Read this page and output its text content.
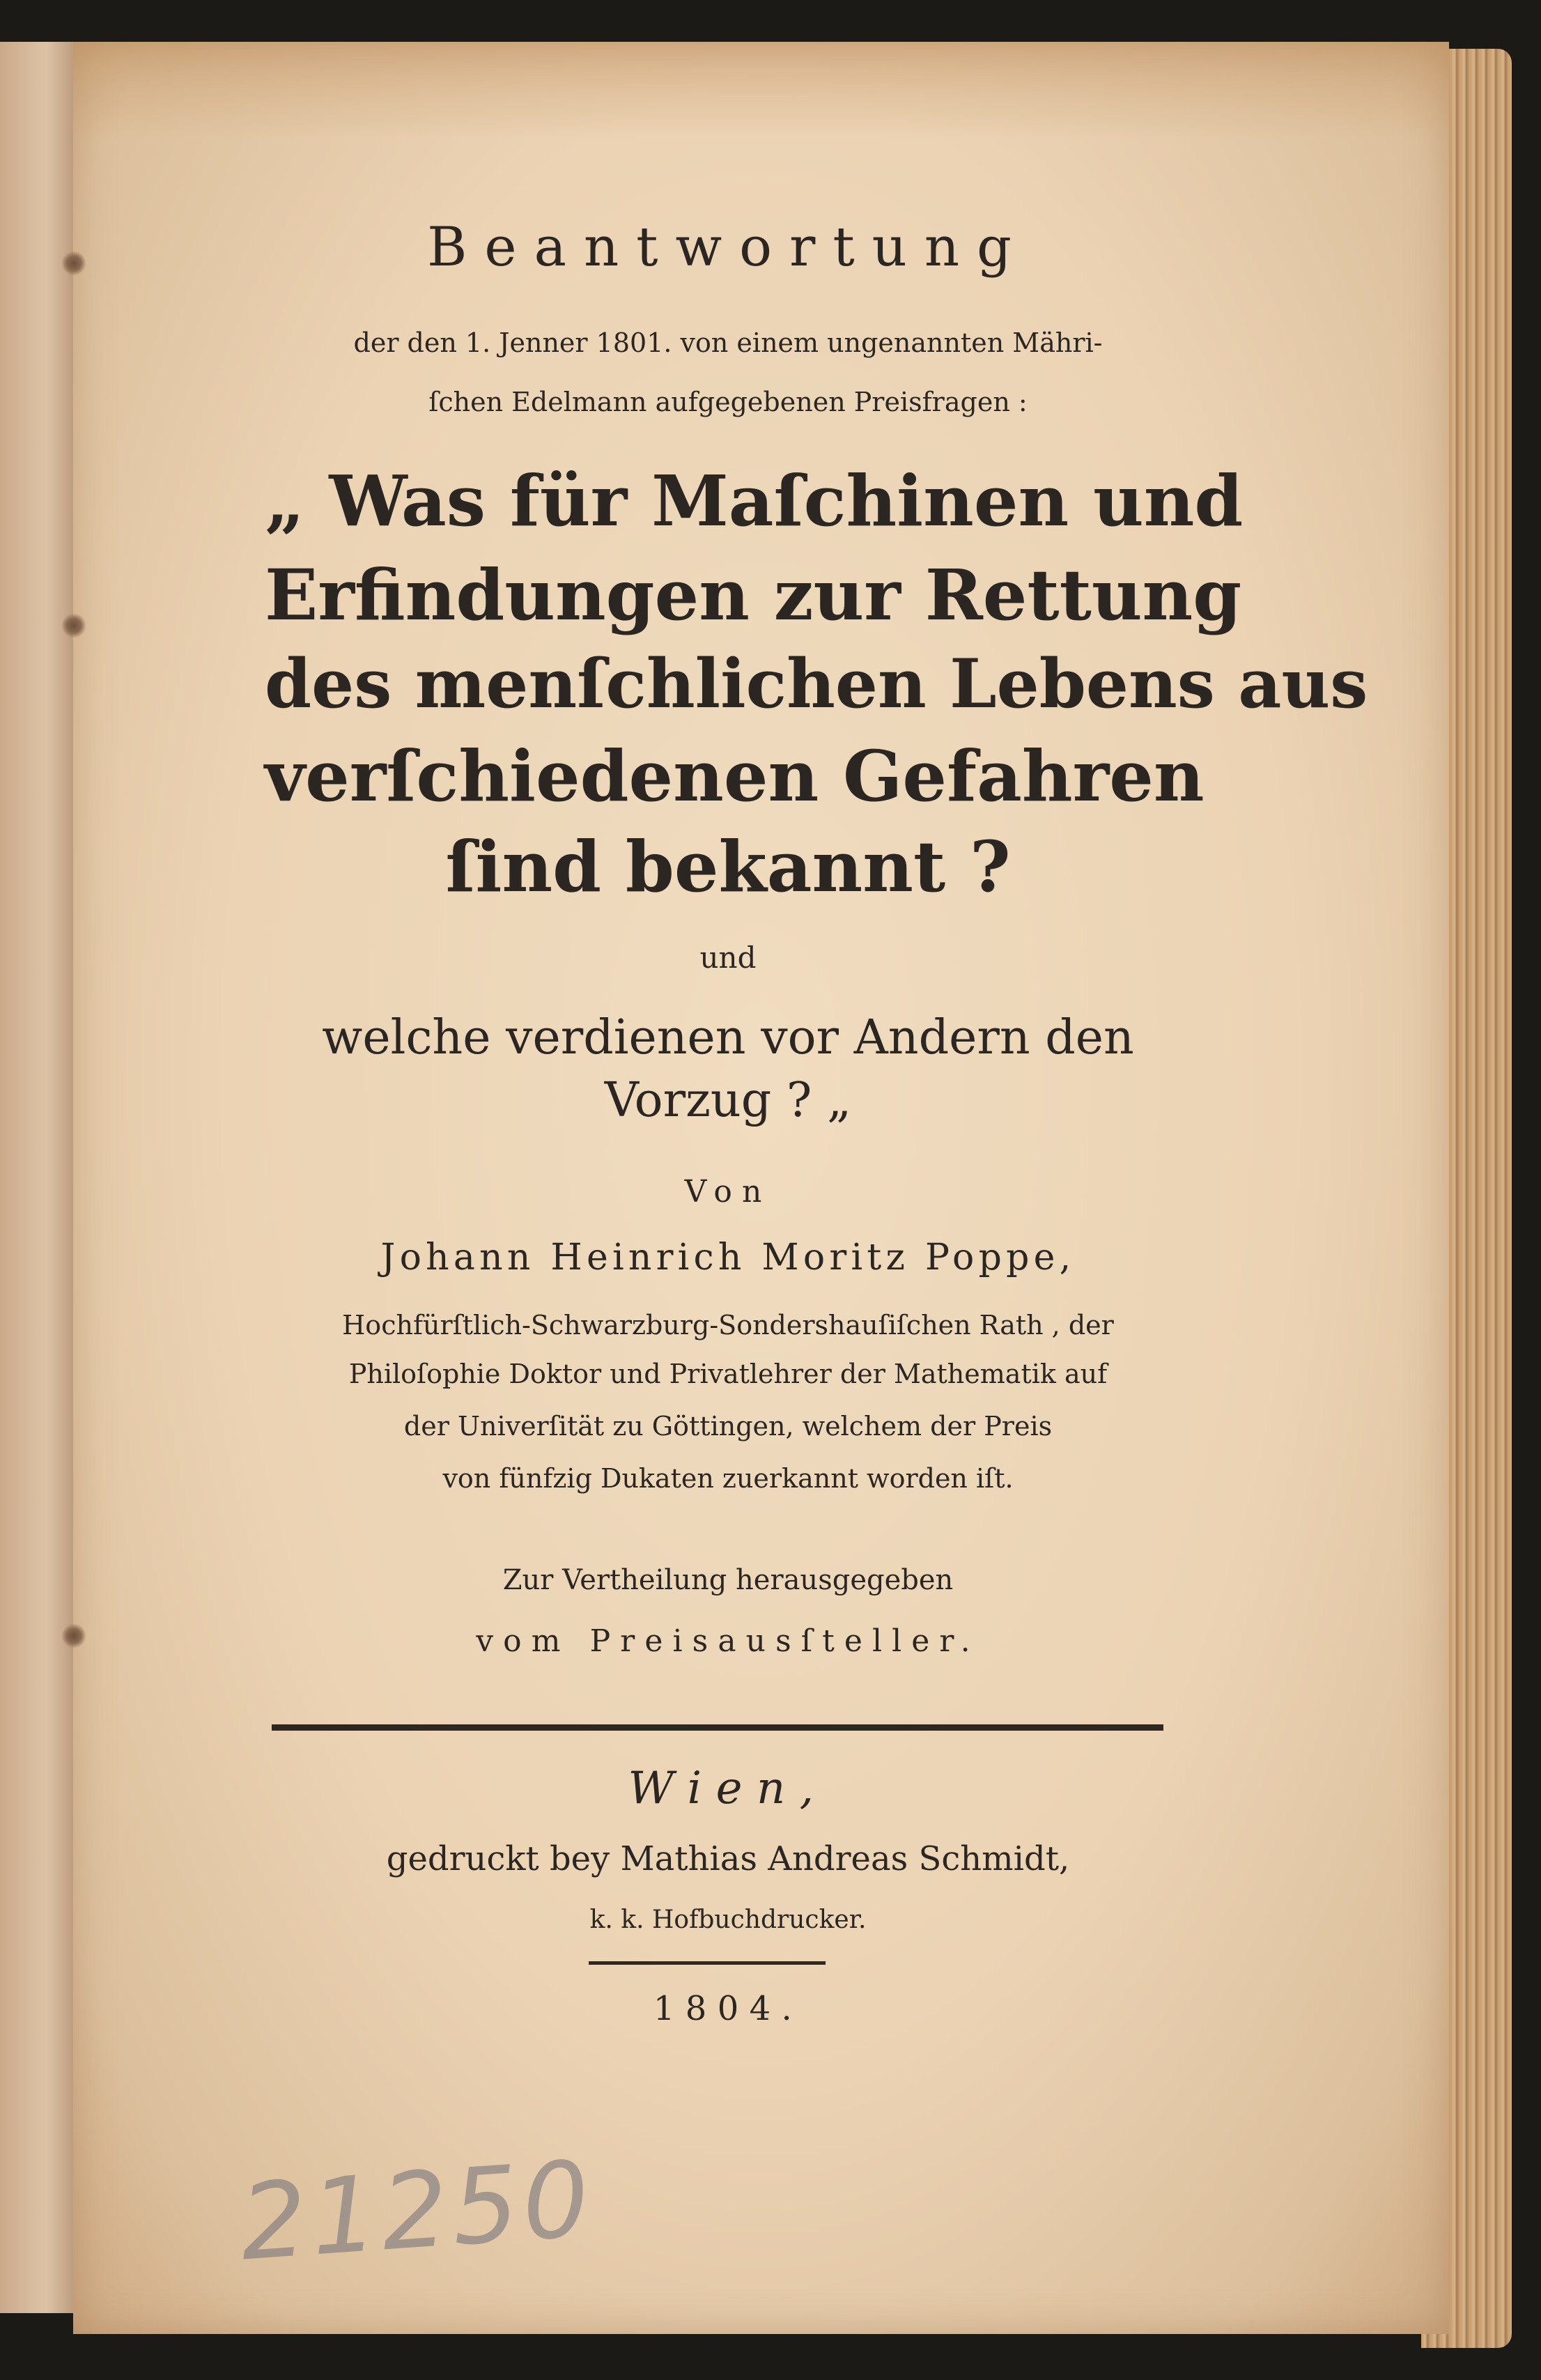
Beantwortung
der den 1. Jenner 1801. von einem ungenannten Mähri-
ſchen Edelmann aufgegebenen Preisfragen :
„ Was für Maſchinen und
Erfindungen zur Rettung
des menſchlichen Lebens aus
verſchiedenen Gefahren
ſind bekannt ?
und
welche verdienen vor Andern den
Vorzug ? „
Von
Johann Heinrich Moritz Poppe,
Hochfürſtlich-Schwarzburg-Sondershauſiſchen Rath , der
Philoſophie Doktor und Privatlehrer der Mathematik auf
der Univerſität zu Göttingen, welchem der Preis
von fünfzig Dukaten zuerkannt worden iſt.
Zur Vertheilung herausgegeben
vom Preisausſteller.
Wien,
gedruckt bey Mathias Andreas Schmidt,
k. k. Hofbuchdrucker.
1804.
21250
